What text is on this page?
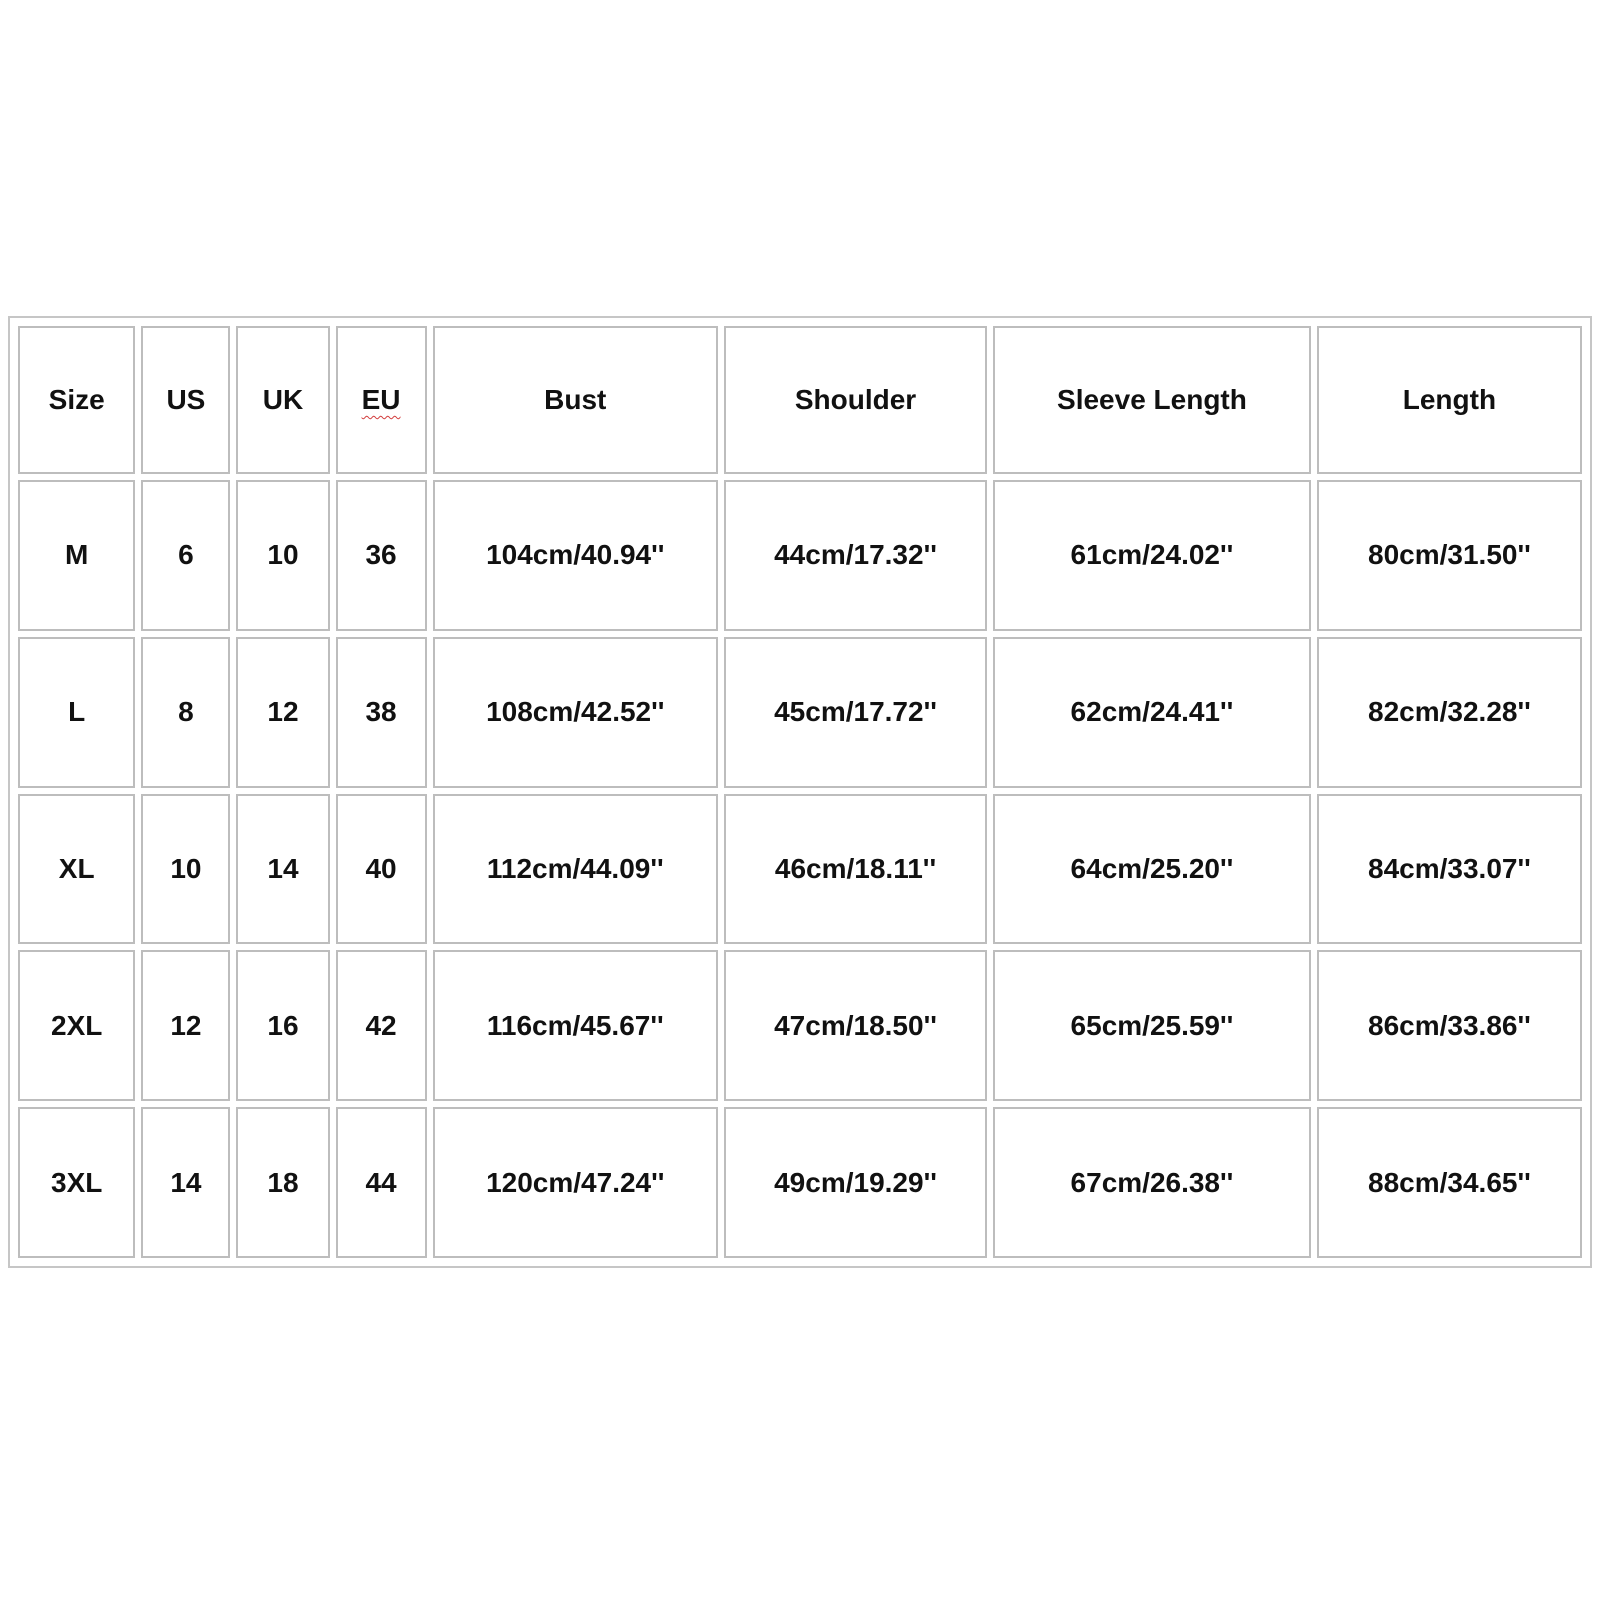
Size	US	UK	EU	Bust	Shoulder	Sleeve Length	Length
M	6	10	36	104cm/40.94''	44cm/17.32''	61cm/24.02''	80cm/31.50''
L	8	12	38	108cm/42.52''	45cm/17.72''	62cm/24.41''	82cm/32.28''
XL	10	14	40	112cm/44.09''	46cm/18.11''	64cm/25.20''	84cm/33.07''
2XL	12	16	42	116cm/45.67''	47cm/18.50''	65cm/25.59''	86cm/33.86''
3XL	14	18	44	120cm/47.24''	49cm/19.29''	67cm/26.38''	88cm/34.65''
